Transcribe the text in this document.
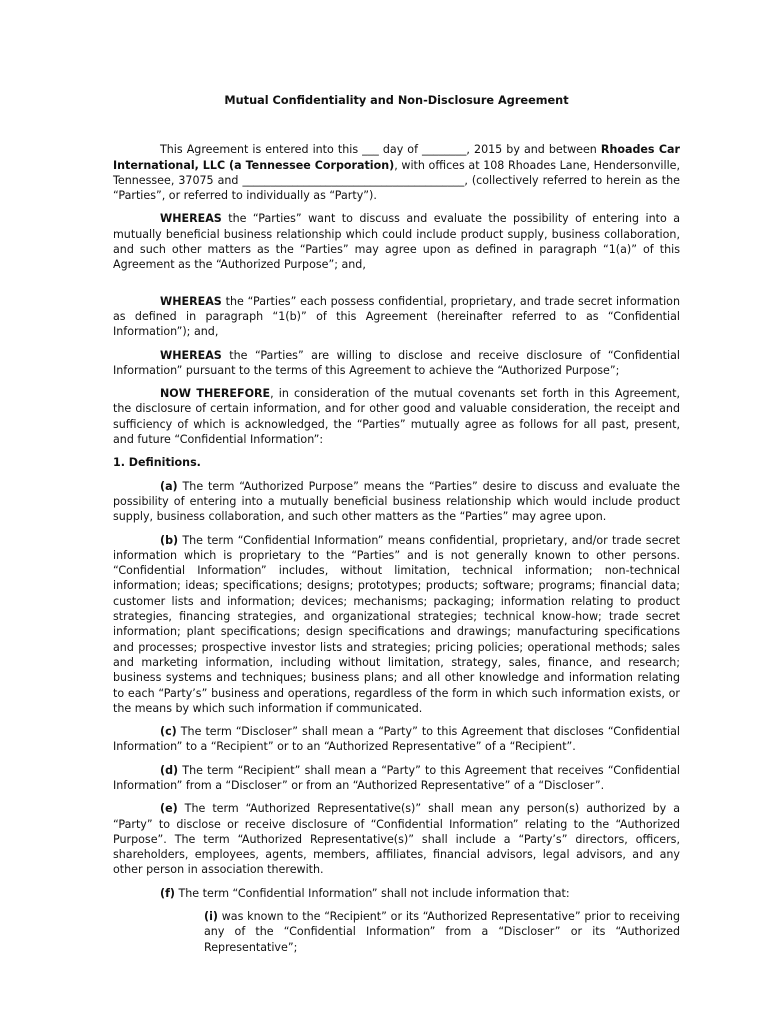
Mutual Confidentiality and Non-Disclosure Agreement

This Agreement is entered into this ___ day of ________, 2015 by and between Rhoades Car International, LLC (a Tennessee Corporation), with offices at 108 Rhoades Lane, Hendersonville, Tennessee, 37075 and ________________________________________, (collectively referred to herein as the “Parties”, or referred to individually as “Party”).

WHEREAS the “Parties” want to discuss and evaluate the possibility of entering into a mutually beneficial business relationship which could include product supply, business collaboration, and such other matters as the “Parties” may agree upon as defined in paragraph “1(a)” of this Agreement as the “Authorized Purpose”; and,

WHEREAS the “Parties” each possess confidential, proprietary, and trade secret information as defined in paragraph “1(b)” of this Agreement (hereinafter referred to as “Confidential Information”); and,

WHEREAS the “Parties” are willing to disclose and receive disclosure of “Confidential Information” pursuant to the terms of this Agreement to achieve the “Authorized Purpose”;

NOW THEREFORE, in consideration of the mutual covenants set forth in this Agreement, the disclosure of certain information, and for other good and valuable consideration, the receipt and sufficiency of which is acknowledged, the “Parties” mutually agree as follows for all past, present, and future “Confidential Information”:

1. Definitions.

(a) The term “Authorized Purpose” means the “Parties” desire to discuss and evaluate the possibility of entering into a mutually beneficial business relationship which would include product supply, business collaboration, and such other matters as the “Parties” may agree upon.

(b) The term “Confidential Information” means confidential, proprietary, and/or trade secret information which is proprietary to the “Parties” and is not generally known to other persons. “Confidential Information” includes, without limitation, technical information; non-technical information; ideas; specifications; designs; prototypes; products; software; programs; financial data; customer lists and information; devices; mechanisms; packaging; information relating to product strategies, financing strategies, and organizational strategies; technical know-how; trade secret information; plant specifications; design specifications and drawings; manufacturing specifications and processes; prospective investor lists and strategies; pricing policies; operational methods; sales and marketing information, including without limitation, strategy, sales, finance, and research; business systems and techniques; business plans; and all other knowledge and information relating to each “Party’s” business and operations, regardless of the form in which such information exists, or the means by which such information if communicated.

(c) The term “Discloser” shall mean a “Party” to this Agreement that discloses “Confidential Information” to a “Recipient” or to an “Authorized Representative” of a “Recipient”.

(d) The term “Recipient” shall mean a “Party” to this Agreement that receives “Confidential Information” from a “Discloser” or from an “Authorized Representative” of a “Discloser”.

(e) The term “Authorized Representative(s)” shall mean any person(s) authorized by a “Party” to disclose or receive disclosure of “Confidential Information” relating to the “Authorized Purpose”. The term “Authorized Representative(s)” shall include a “Party’s” directors, officers, shareholders, employees, agents, members, affiliates, financial advisors, legal advisors, and any other person in association therewith.

(f) The term “Confidential Information” shall not include information that:

(i) was known to the “Recipient” or its “Authorized Representative” prior to receiving any of the “Confidential Information” from a “Discloser” or its “Authorized Representative”;
